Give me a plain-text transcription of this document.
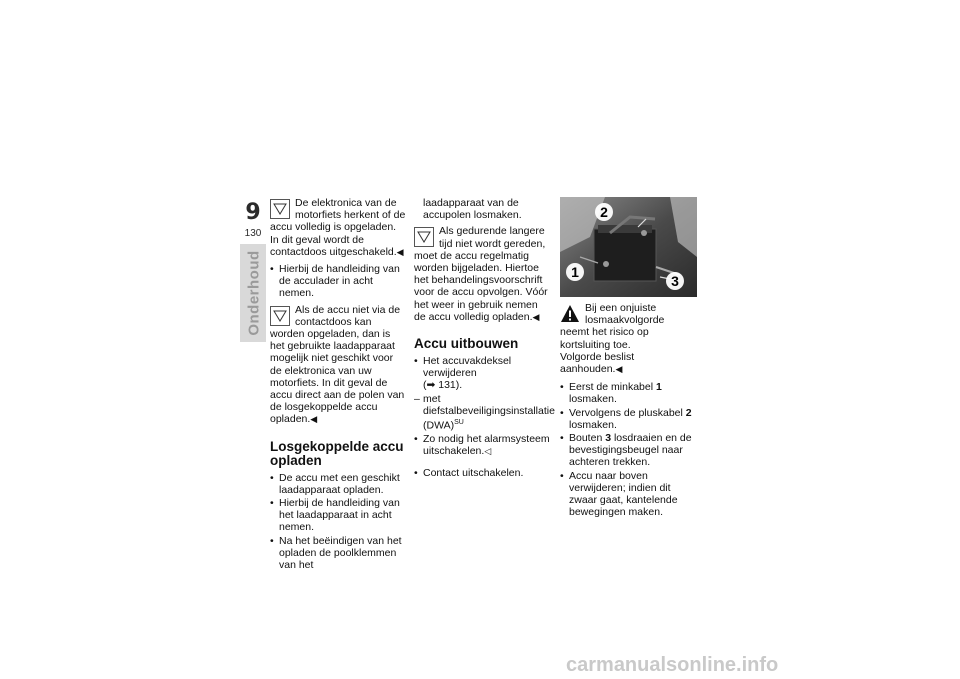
9
130
Onderhoud
De elektronica van de motorfiets herkent of de accu volledig is opgeladen. In dit geval wordt de contactdoos uitgeschakeld.◀
• Hierbij de handleiding van de acculader in acht nemen.
Als de accu niet via de contactdoos kan worden opgeladen, dan is het gebruikte laadapparaat mogelijk niet geschikt voor de elektronica van uw motorfiets. In dit geval de accu direct aan de polen van de losgekoppelde accu opladen.◀
Losgekoppelde accu opladen
• De accu met een geschikt laadapparaat opladen.
• Hierbij de handleiding van het laadapparaat in acht nemen.
• Na het beëindigen van het opladen de poolklemmen van het
laadapparaat van de accupolen losmaken.
Als gedurende langere tijd niet wordt gereden, moet de accu regelmatig worden bijgeladen. Hiertoe het behandelingsvoorschrift voor de accu opvolgen. Vóór het weer in gebruik nemen de accu volledig opladen.◀
Accu uitbouwen
• Het accuvakdeksel verwijderen
(➡ 131).
– met diefstalbeveiligingsinstallatie (DWA)$^{SU}$
• Zo nodig het alarmsysteem uitschakelen.◁
• Contact uitschakelen.
2
1
3
Bij een onjuiste losmaakvolgorde neemt het risico op kortsluiting toe.
Volgorde beslist aanhouden.◀
• Eerst de minkabel 1 losmaken.
• Vervolgens de pluskabel 2 losmaken.
• Bouten 3 losdraaien en de bevestigingsbeugel naar achteren trekken.
• Accu naar boven verwijderen; indien dit zwaar gaat, kantelende bewegingen maken.
carmanualsonline.info
